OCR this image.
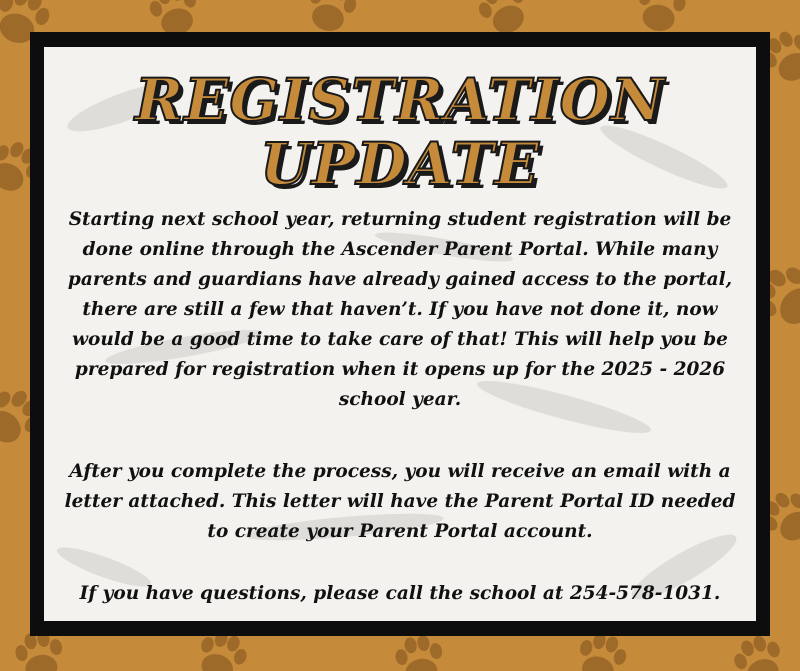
REGISTRATION
UPDATE
Starting next school year, returning student registration will be done online through the Ascender Parent Portal. While many parents and guardians have already gained access to the portal, there are still a few that haven’t. If you have not done it, now would be a good time to take care of that! This will help you be prepared for registration when it opens up for the 2025 - 2026 school year.
After you complete the process, you will receive an email with a letter attached. This letter will have the Parent Portal ID needed to create your Parent Portal account.
If you have questions, please call the school at 254-578-1031.
